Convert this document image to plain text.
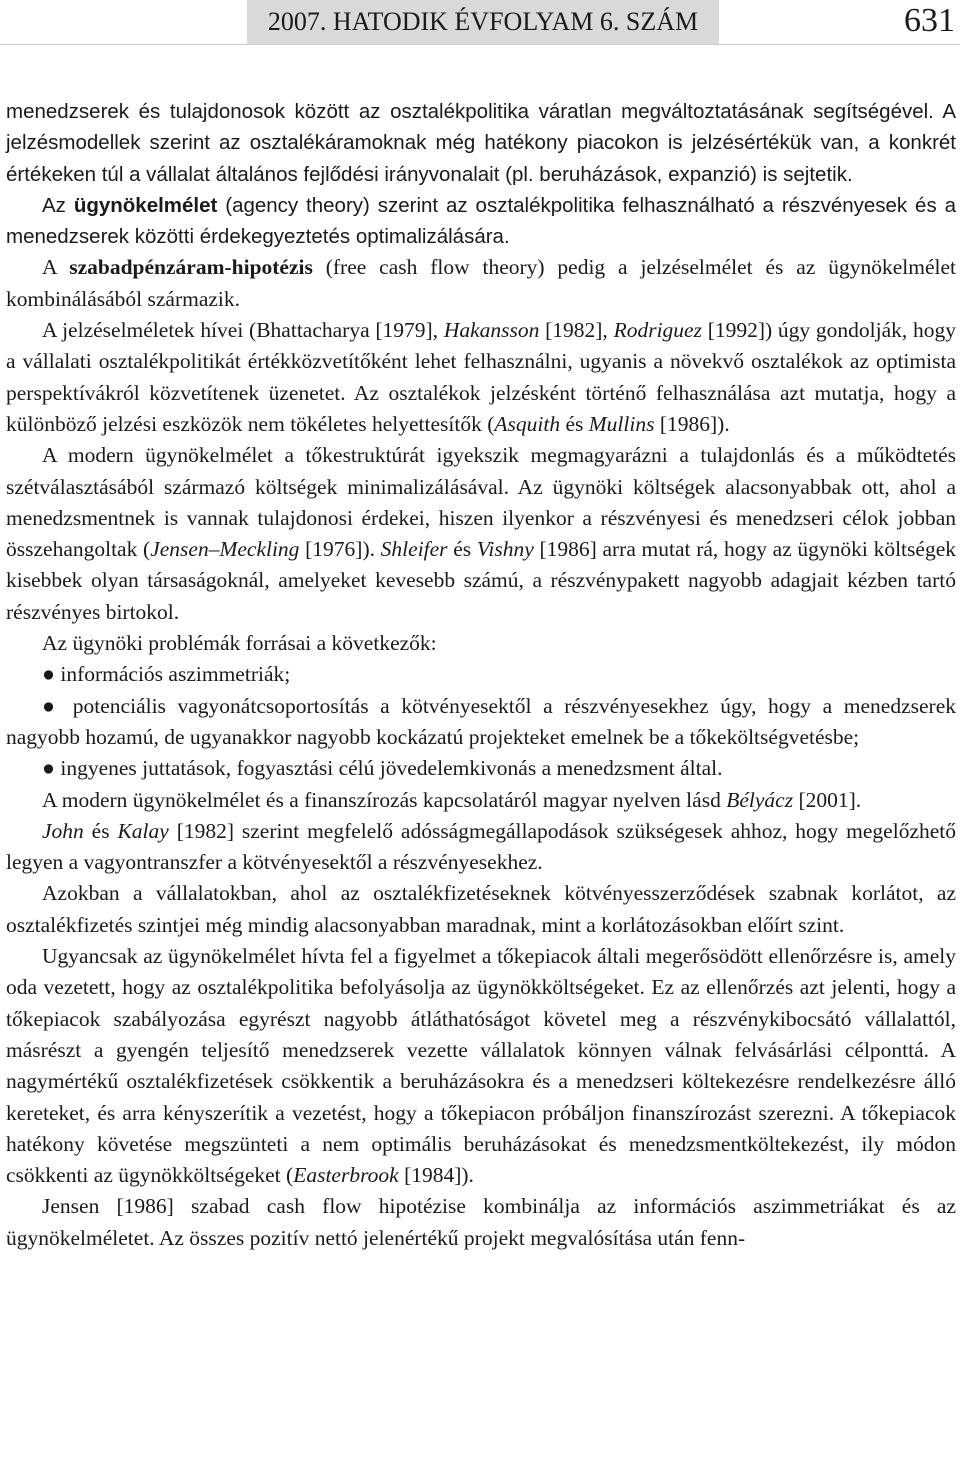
2007. HATODIK ÉVFOLYAM 6. SZÁM	631

menedzserek és tulajdonosok között az osztalékpolitika váratlan megváltoztatásának segítségével. A jelzésmodellek szerint az osztalékáramoknak még hatékony piacokon is jelzésértékük van, a konkrét értékeken túl a vállalat általános fejlődési irányvonalait (pl. beruházások, expanzió) is sejtetik.

Az ügynökelmélet (agency theory) szerint az osztalékpolitika felhasználható a részvényesek és a menedzserek közötti érdekegyeztetés optimalizálására.

A szabadpénzáram-hipotézis (free cash flow theory) pedig a jelzéselmélet és az ügynökelmélet kombinálásából származik.

A jelzéselméletek hívei (Bhattacharya [1979], Hakansson [1982], Rodriguez [1992]) úgy gondolják, hogy a vállalati osztalékpolitikát értékközvetítőként lehet felhasználni, ugyanis a növekvő osztalékok az optimista perspektívákról közvetítenek üzenetet. Az osztalékok jelzésként történő felhasználása azt mutatja, hogy a különböző jelzési eszközök nem tökéletes helyettesítők (Asquith és Mullins [1986]).

A modern ügynökelmélet a tőkestruktúrát igyekszik megmagyarázni a tulajdonlás és a működtetés szétválasztásából származó költségek minimalizálásával. Az ügynöki költségek alacsonyabbak ott, ahol a menedzsmentnek is vannak tulajdonosi érdekei, hiszen ilyenkor a részvényesi és menedzseri célok jobban összehangoltak (Jensen–Meckling [1976]). Shleifer és Vishny [1986] arra mutat rá, hogy az ügynöki költségek kisebbek olyan társaságoknál, amelyeket kevesebb számú, a részvénypakett nagyobb adagjait kézben tartó részvényes birtokol.

Az ügynöki problémák forrásai a következők:

● információs aszimmetriák;

● potenciális vagyonátcsoportosítás a kötvényesektől a részvényesekhez úgy, hogy a menedzserek nagyobb hozamú, de ugyanakkor nagyobb kockázatú projekteket emelnek be a tőkeköltségvetésbe;

● ingyenes juttatások, fogyasztási célú jövedelemkivonás a menedzsment által.

A modern ügynökelmélet és a finanszírozás kapcsolatáról magyar nyelven lásd Bélyácz [2001].

John és Kalay [1982] szerint megfelelő adósságmegállapodások szükségesek ahhoz, hogy megelőzhető legyen a vagyontranszfer a kötvényesektől a részvényesekhez.

Azokban a vállalatokban, ahol az osztalékfizetéseknek kötvényesszerződések szabnak korlátot, az osztalékfizetés szintjei még mindig alacsonyabban maradnak, mint a korlátozásokban előírt szint.

Ugyancsak az ügynökelmélet hívta fel a figyelmet a tőkepiacok általi megerősödött ellenőrzésre is, amely oda vezetett, hogy az osztalékpolitika befolyásolja az ügynökköltségeket. Ez az ellenőrzés azt jelenti, hogy a tőkepiacok szabályozása egyrészt nagyobb átláthatóságot követel meg a részvénykibocsátó vállalattól, másrészt a gyengén teljesítő menedzserek vezette vállalatok könnyen válnak felvásárlási célponttá. A nagymértékű osztalékfizetések csökkentik a beruházásokra és a menedzseri költekezésre rendelkezésre álló kereteket, és arra kényszerítik a vezetést, hogy a tőkepiacon próbáljon finanszírozást szerezni. A tőkepiacok hatékony követése megszünteti a nem optimális beruházásokat és menedzsmentköltekezést, ily módon csökkenti az ügynökköltségeket (Easterbrook [1984]).

Jensen [1986] szabad cash flow hipotézise kombinálja az információs aszimmetriákat és az ügynökelméletet. Az összes pozitív nettó jelenértékű projekt megvalósítása után fenn-
